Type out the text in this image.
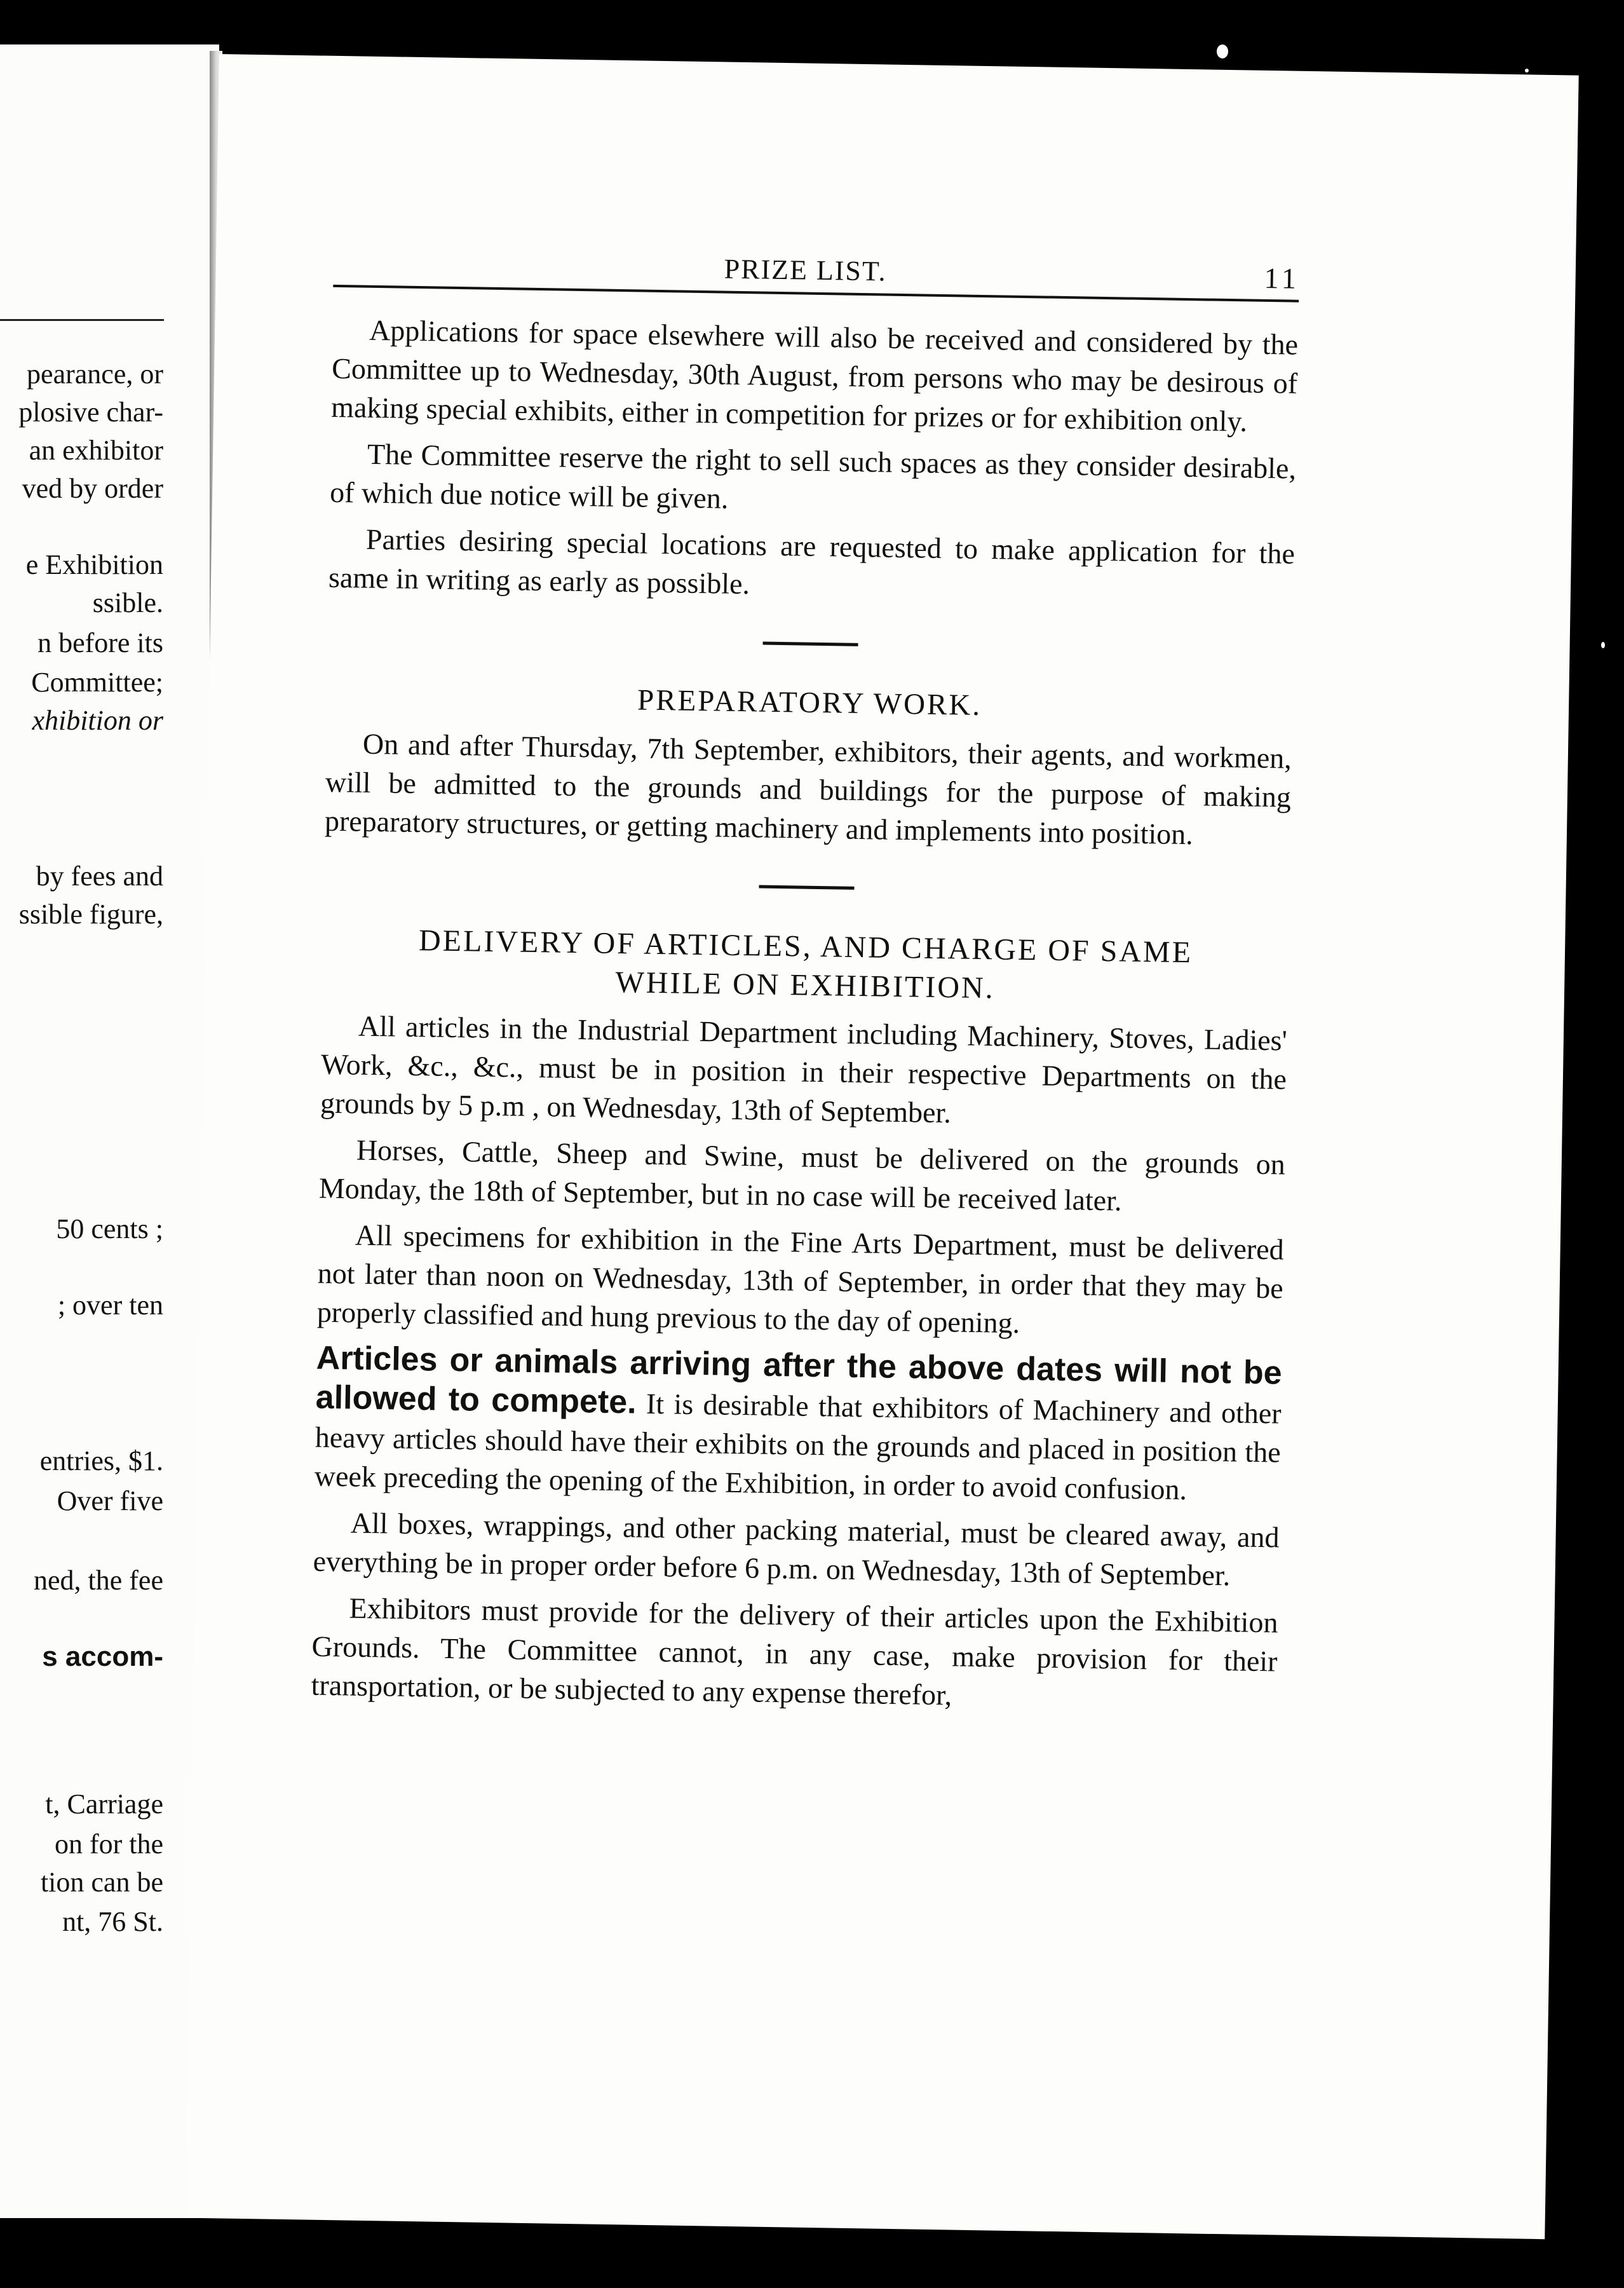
pearance, or
plosive char-
an exhibitor
ved by order
e Exhibition
ssible.
n before its
Committee;
xhibition or
by fees and
ssible figure,
50 cents ;
; over ten
entries, $1.
Over five
ned, the fee
s accom-
t, Carriage
on for the
tion can be
nt, 76 St.
PRIZE LIST.	11

Applications for space elsewhere will also be received and considered by the Committee up to Wednesday, 30th August, from persons who may be desirous of making special exhibits, either in competition for prizes or for exhibition only.

The Committee reserve the right to sell such spaces as they consider desirable, of which due notice will be given.

Parties desiring special locations are requested to make application for the same in writing as early as possible.

PREPARATORY WORK.

On and after Thursday, 7th September, exhibitors, their agents, and workmen, will be admitted to the grounds and buildings for the purpose of making preparatory structures, or getting machinery and implements into position.

DELIVERY OF ARTICLES, AND CHARGE OF SAME
WHILE ON EXHIBITION.

All articles in the Industrial Department including Machinery, Stoves, Ladies' Work, &c., &c., must be in position in their respective Departments on the grounds by 5 p.m , on Wednesday, 13th of September.

Horses, Cattle, Sheep and Swine, must be delivered on the grounds on Monday, the 18th of September, but in no case will be received later.

All specimens for exhibition in the Fine Arts Department, must be delivered not later than noon on Wednesday, 13th of September, in order that they may be properly classified and hung previous to the day of opening.

Articles or animals arriving after the above dates will not be allowed to compete. It is desirable that exhibitors of Machinery and other heavy articles should have their exhibits on the grounds and placed in position the week preceding the opening of the Exhibition, in order to avoid confusion.

All boxes, wrappings, and other packing material, must be cleared away, and everything be in proper order before 6 p.m. on Wednesday, 13th of September.

Exhibitors must provide for the delivery of their articles upon the Exhibition Grounds. The Committee cannot, in any case, make provision for their transportation, or be subjected to any expense therefor,
